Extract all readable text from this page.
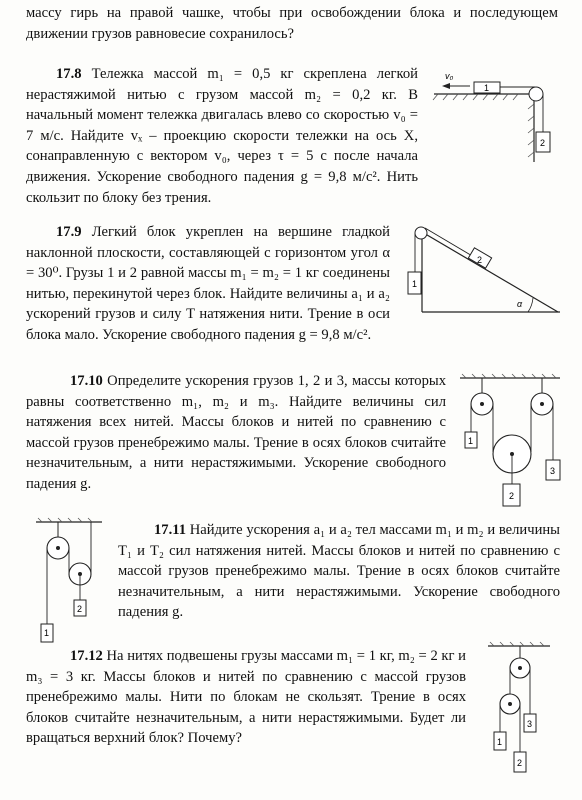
массу гирь на правой чашке, чтобы при освобождении блока и последующем движении грузов равновесие сохранилось?

17.8 Тележка массой m₁ = 0,5 кг скреплена легкой нерастяжимой нитью с грузом массой m₂ = 0,2 кг. В начальный момент тележка двигалась влево со скоростью v₀ = 7 м/с. Найдите vₓ – проекцию скорости тележки на ось X, сонаправленную с вектором v₀, через τ = 5 с после начала движения. Ускорение свободного падения g = 9,8 м/с². Нить скользит по блоку без трения.

v₀
1
2

17.9 Легкий блок укреплен на вершине гладкой наклонной плоскости, составляющей с горизонтом угол α = 30⁰. Грузы 1 и 2 равной массы m₁ = m₂ = 1 кг соединены нитью, перекинутой через блок. Найдите величины a₁ и a₂ ускорений грузов и силу T натяжения нити. Трение в оси блока мало. Ускорение свободного падения g = 9,8 м/с².

α
1
2

17.10 Определите ускорения грузов 1, 2 и 3, массы которых равны соответственно m₁, m₂ и m₃. Найдите величины сил натяжения всех нитей. Массы блоков и нитей по сравнению с массой грузов пренебрежимо малы. Трение в осях блоков считайте незначительным, а нити нерастяжимыми. Ускорение свободного падения g.

1
2
3

17.11 Найдите ускорения a₁ и a₂ тел массами m₁ и m₂ и величины T₁ и T₂ сил натяжения нитей. Массы блоков и нитей по сравнению с массой грузов пренебрежимо малы. Трение в осях блоков считайте незначительным, а нити нерастяжимыми. Ускорение свободного падения g.

2
1

17.12 На нитях подвешены грузы массами m₁ = 1 кг, m₂ = 2 кг и m₃ = 3 кг. Массы блоков и нитей по сравнению с массой грузов пренебрежимо малы. Нити по блокам не скользят. Трение в осях блоков считайте незначительным, а нити нерастяжимыми. Будет ли вращаться верхний блок? Почему?

3
1
2
